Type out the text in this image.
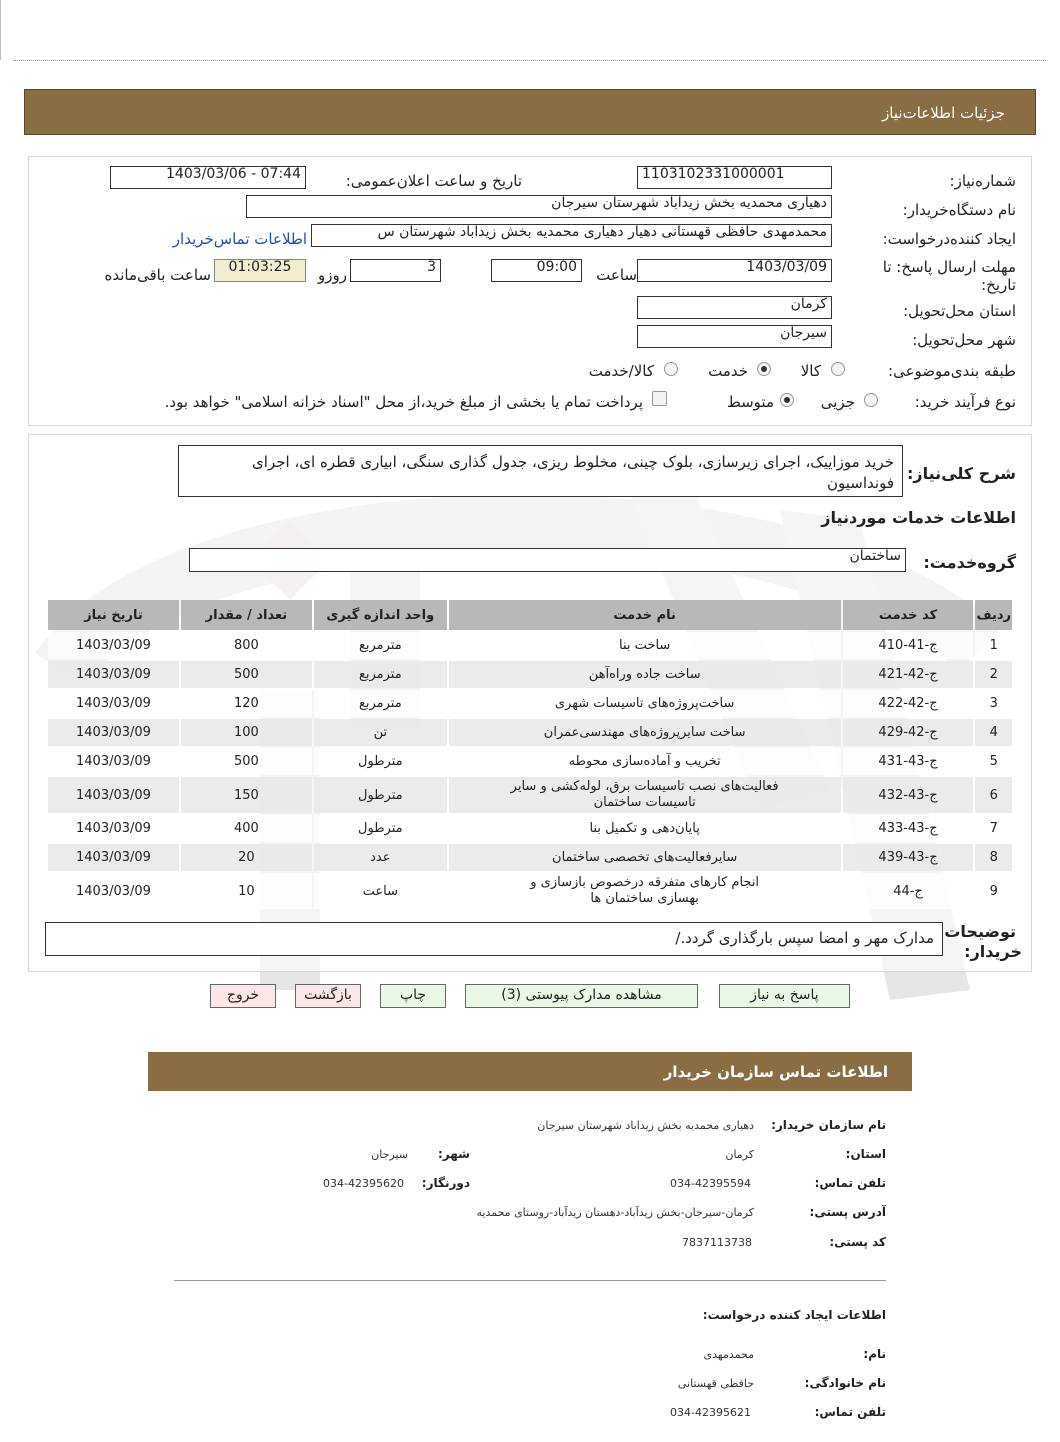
جزئیات اطلاعات‌نیاز
شماره‌نیاز:
1103102331000001
تاریخ و ساعت اعلان‌عمومی:
1403/03/06 - 07:44
نام دستگاه‌خریدار:
دهیاری محمدیه بخش زیداباد شهرستان سیرجان
ایجاد کننده‌درخواست:
محمدمهدی حافظی قهستانی دهیار دهیاری محمدیه بخش زیداباد شهرستان س
اطلاعات تماس‌خریدار
مهلت ارسال پاسخ: تا
تاریخ:
1403/03/09
ساعت
09:00
3
روزو
01:03:25
ساعت باقی‌مانده
استان محل‌تحویل:
کرمان
شهر محل‌تحویل:
سیرجان
طبقه بندی‌موضوعی:
کالا
خدمت
کالا/خدمت
نوع فرآیند خرید:
جزیی
متوسط
پرداخت تمام یا بخشی از مبلغ خرید،از محل "اسناد خزانه اسلامی" خواهد بود.
شرح کلی‌نیاز:
خرید موزاییک، اجرای زیرسازی، بلوک چینی، مخلوط ریزی، جدول گذاری سنگی، ابیاری قطره ای، اجرای فونداسیون
اطلاعات خدمات موردنیاز
گروه‌خدمت:
ساختمان
ردیف	کد خدمت	نام خدمت	واحد اندازه گیری	تعداد / مقدار	تاریخ نیاز
1	ج-41-410	ساخت بنا	مترمربع	800	1403/03/09
2	ج-42-421	ساخت جاده وراه‌آهن	مترمربع	500	1403/03/09
3	ج-42-422	ساخت‌پروژه‌های تاسیسات شهری	مترمربع	120	1403/03/09
4	ج-42-429	ساخت سایرپروژه‌های مهندسی‌عمران	تن	100	1403/03/09
5	ج-43-431	تخریب و آماده‌سازی محوطه	مترطول	500	1403/03/09
6	ج-43-432	فعالیت‌های نصب تاسیسات برق، لوله‌کشی و سایر تاسیسات ساختمان	مترطول	150	1403/03/09
7	ج-43-433	پایان‌دهی و تکمیل بنا	مترطول	400	1403/03/09
8	ج-43-439	سایرفعالیت‌های تخصصی ساختمان	عدد	20	1403/03/09
9	ج-44	انجام کارهای متفرقه درخصوص بازسازی و بهسازی ساختمان ها	ساعت	10	1403/03/09
توضیحات
خریدار:
مدارک مهر و امضا سپس بارگذاری گردد./
پاسخ به نیاز
مشاهده مدارک پیوستی (3)
چاپ
بازگشت
خروج
اطلاعات تماس سازمان خریدار
نام سازمان خریدار:
دهیاری محمدیه بخش زیداباد شهرستان سیرجان
استان:
کرمان
شهر:
سیرجان
تلفن تماس:
034-42395594
دورنگار:
034-42395620
آدرس پستی:
کرمان-سیرجان-بخش زیدآباد-دهستان زیدآباد-روستای محمدیه
کد پستی:
7837113738
اطلاعات ایجاد کننده درخواست:
نام:
محمدمهدی
نام خانوادگی:
حافظی قهستانی
تلفن تماس:
034-42395621
